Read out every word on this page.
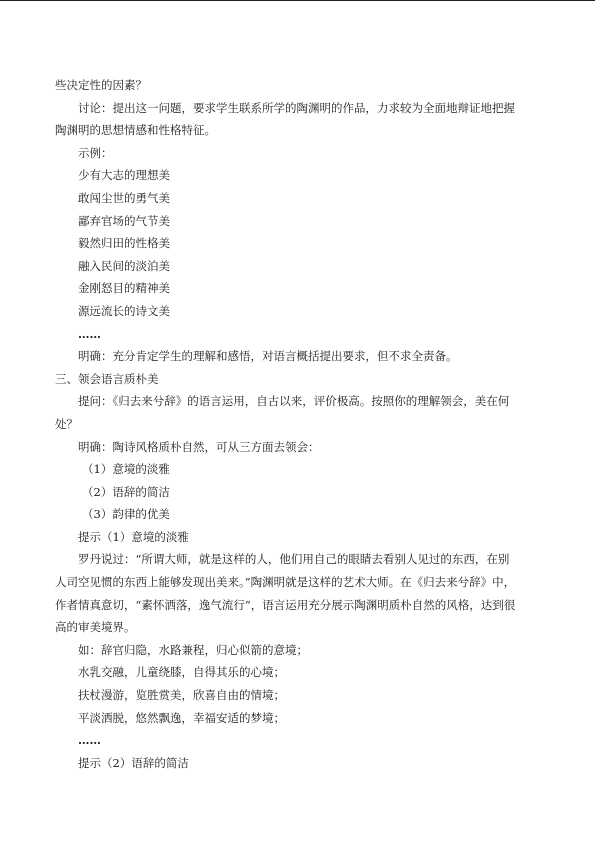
些决定性的因素？
讨论：提出这一问题，要求学生联系所学的陶渊明的作品，力求较为全面地辩证地把握
陶渊明的思想情感和性格特征。
示例：
少有大志的理想美
敢闯尘世的勇气美
鄙弃官场的气节美
毅然归田的性格美
融入民间的淡泊美
金刚怒目的精神美
源远流长的诗文美
……
明确：充分肯定学生的理解和感悟，对语言概括提出要求，但不求全责备。
三、领会语言质朴美
提问：《归去来兮辞》的语言运用，自古以来，评价极高。按照你的理解领会，美在何
处？
明确：陶诗风格质朴自然，可从三方面去领会：
（1）意境的淡雅
（2）语辞的简洁
（3）韵律的优美
提示（1）意境的淡雅
罗丹说过：“所谓大师，就是这样的人，他们用自己的眼睛去看别人见过的东西，在别
人司空见惯的东西上能够发现出美来。”陶渊明就是这样的艺术大师。在《归去来兮辞》中，
作者情真意切，“素怀洒落，逸气流行”，语言运用充分展示陶渊明质朴自然的风格，达到很
高的审美境界。
如：辞官归隐，水路兼程，归心似箭的意境；
水乳交融，儿童绕膝，自得其乐的心境；
扶杖漫游，览胜赏美，欣喜自由的情境；
平淡洒脱，悠然飘逸，幸福安适的梦境；
……
提示（2）语辞的简洁
